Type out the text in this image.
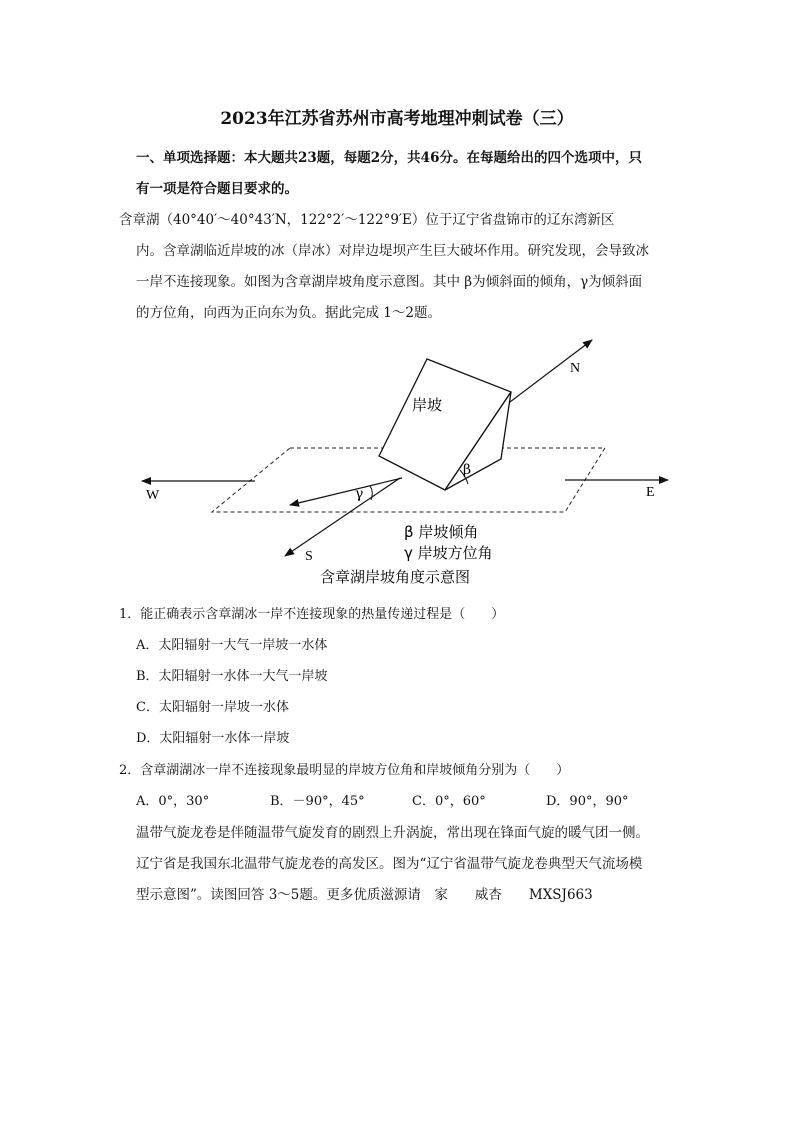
2023年江苏省苏州市高考地理冲刺试卷（三）
一、单项选择题：本大题共23题，每题2分，共46分。在每题给出的四个选项中，只
有一项是符合题目要求的。
含章湖（40°40′～40°43′N，122°2′～122°9′E）位于辽宁省盘锦市的辽东湾新区
内。含章湖临近岸坡的冰（岸冰）对岸边堤坝产生巨大破坏作用。研究发现，会导致冰
一岸不连接现象。如图为含章湖岸坡角度示意图。其中 β为倾斜面的倾角，γ为倾斜面
的方位角，向西为正向东为负。据此完成 1～2题。
岸坡
N
W	E
S
β
γ
β 岸坡倾角
γ 岸坡方位角
含章湖岸坡角度示意图
1．能正确表示含章湖冰一岸不连接现象的热量传递过程是（　　）
A．太阳辐射一大气一岸坡一水体
B．太阳辐射一水体一大气一岸坡
C．太阳辐射一岸坡一水体
D．太阳辐射一水体一岸坡
2．含章湖湖冰一岸不连接现象最明显的岸坡方位角和岸坡倾角分别为（　　）
A．0°，30°	B．－90°，45°	C．0°，60°	D．90°，90°
温带气旋龙卷是伴随温带气旋发育的剧烈上升涡旋，常出现在锋面气旋的暖气团一侧。
辽宁省是我国东北温带气旋龙卷的高发区。图为“辽宁省温带气旋龙卷典型天气流场模
型示意图”。读图回答 3～5题。更多优质滋源请　家　　威杏　　MXSJ663
